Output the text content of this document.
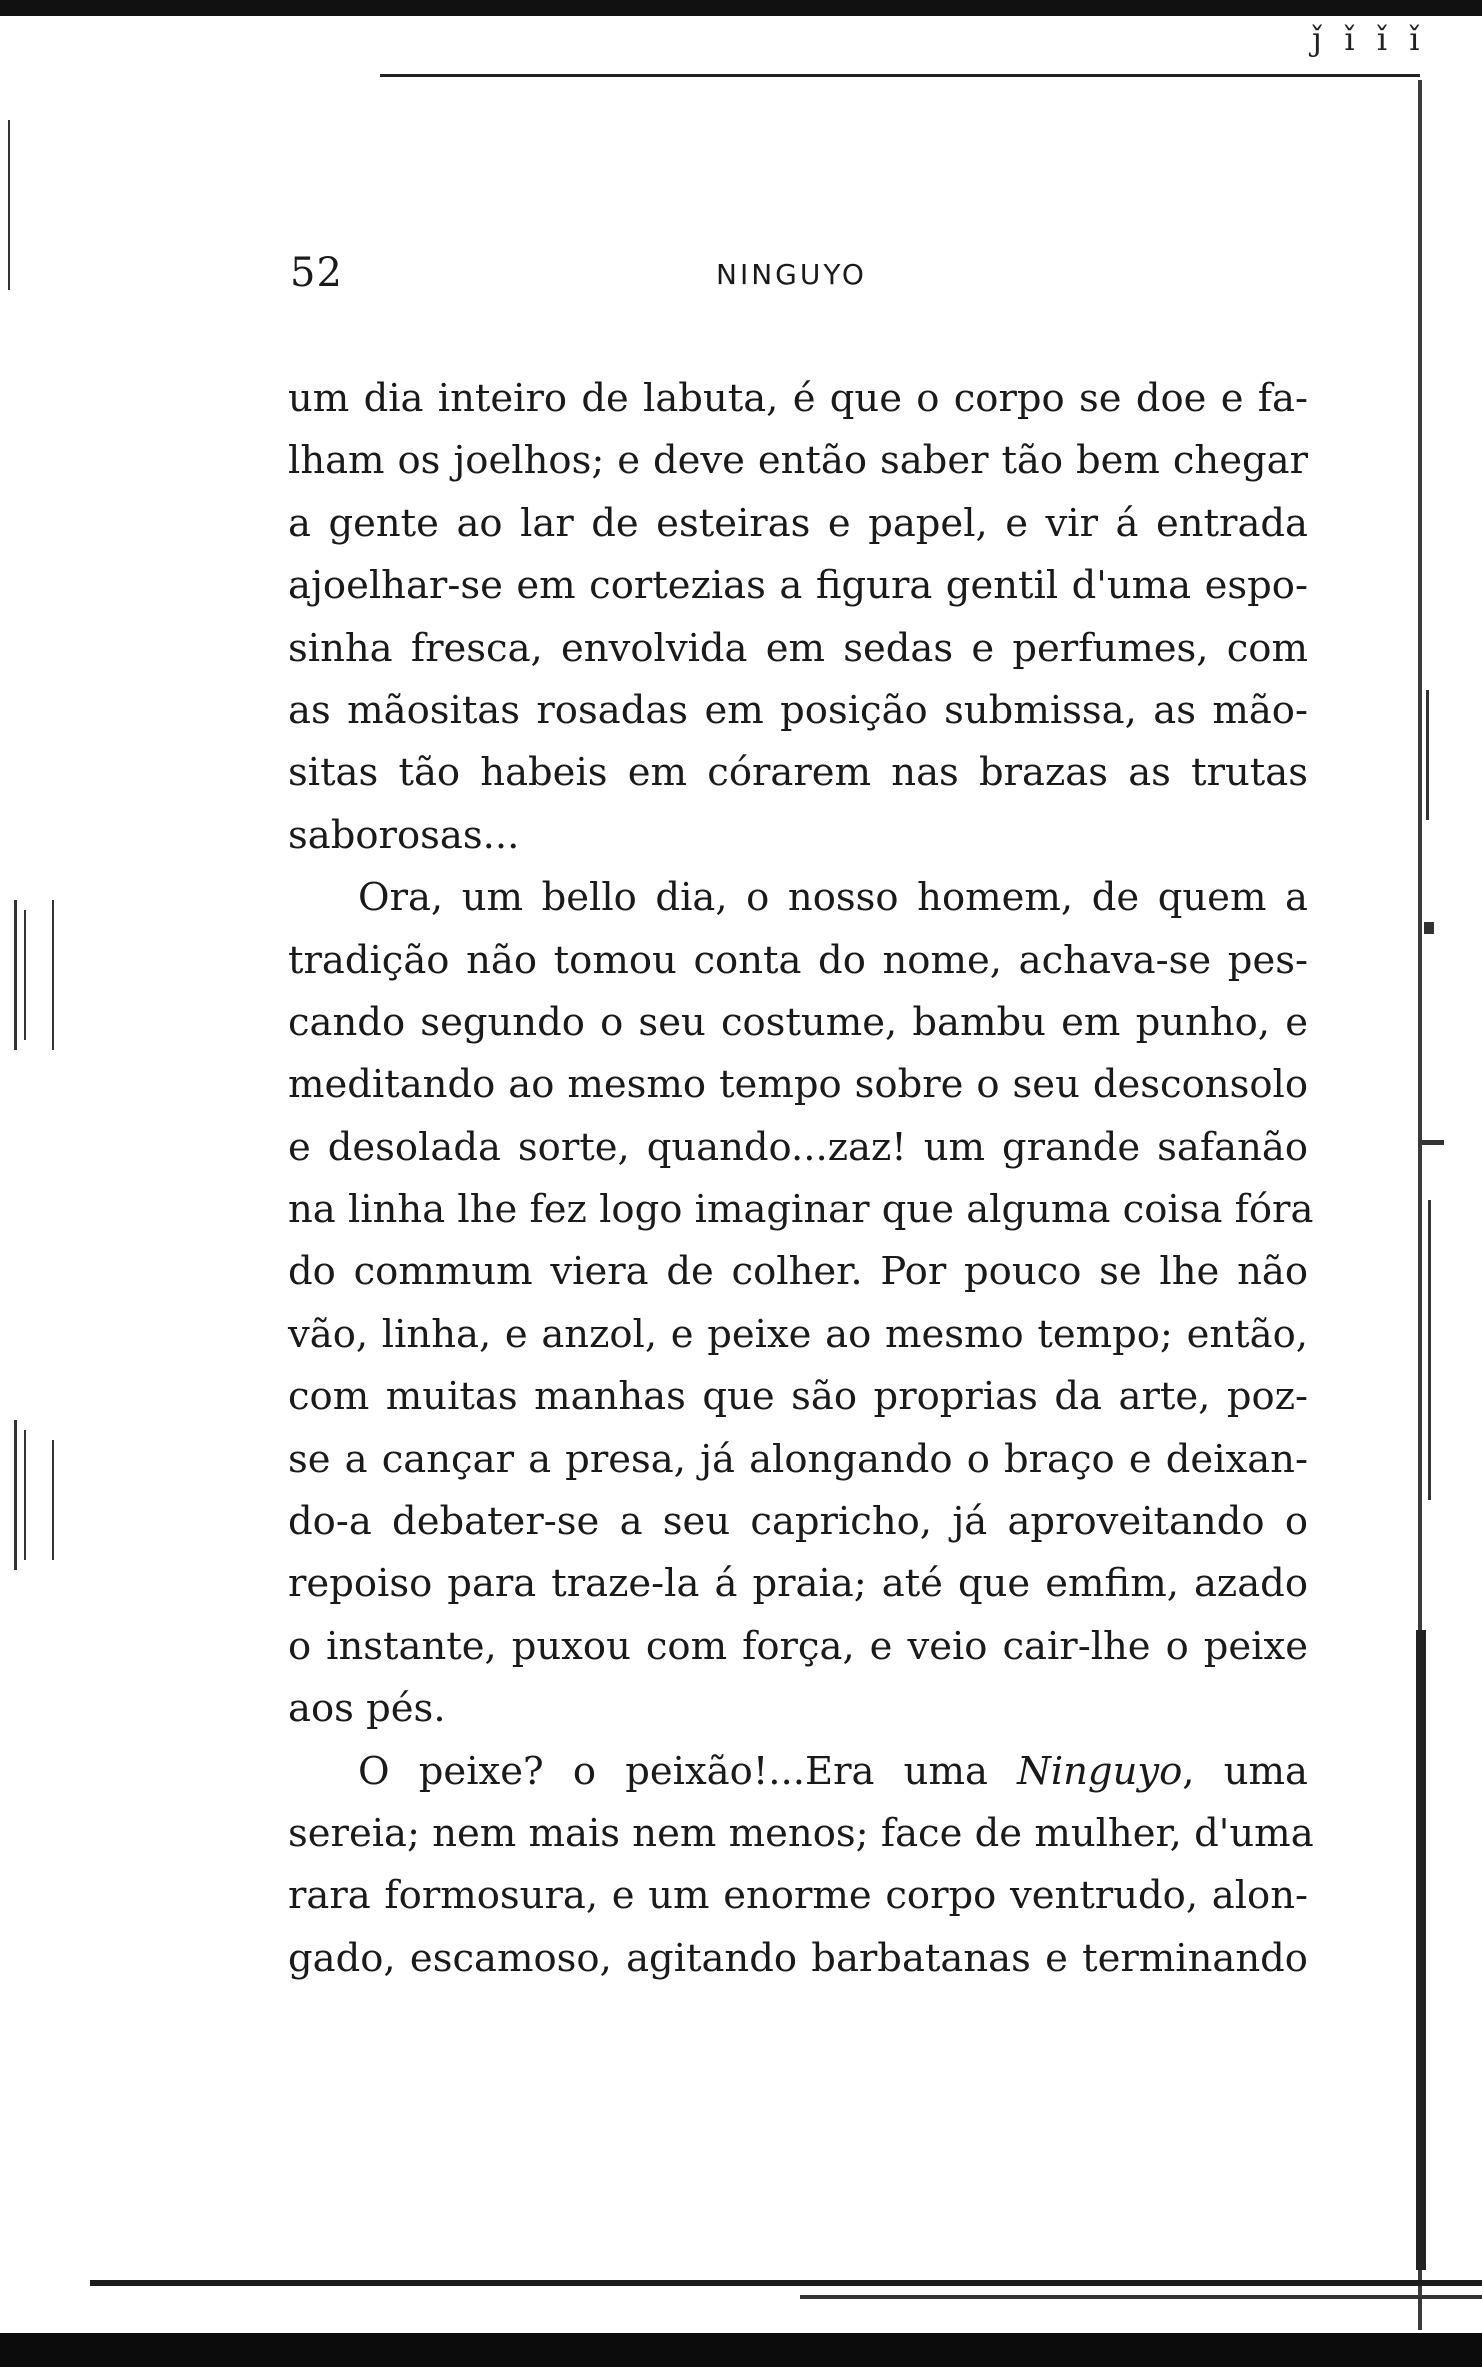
ǰ ǐ ǐ ǐ
52	NINGUYO
um dia inteiro de labuta, é que o corpo se doe e fa-
lham os joelhos; e deve então saber tão bem chegar
a gente ao lar de esteiras e papel, e vir á entrada
ajoelhar-se em cortezias a figura gentil d'uma espo-
sinha fresca, envolvida em sedas e perfumes, com
as mãositas rosadas em posição submissa, as mão-
sitas tão habeis em córarem nas brazas as trutas
saborosas...
Ora, um bello dia, o nosso homem, de quem a
tradição não tomou conta do nome, achava-se pes-
cando segundo o seu costume, bambu em punho, e
meditando ao mesmo tempo sobre o seu desconsolo
e desolada sorte, quando...zaz! um grande safanão
na linha lhe fez logo imaginar que alguma coisa fóra
do commum viera de colher. Por pouco se lhe não
vão, linha, e anzol, e peixe ao mesmo tempo; então,
com muitas manhas que são proprias da arte, poz-
se a cançar a presa, já alongando o braço e deixan-
do-a debater-se a seu capricho, já aproveitando o
repoiso para traze-la á praia; até que emfim, azado
o instante, puxou com força, e veio cair-lhe o peixe
aos pés.
O peixe? o peixão!...Era uma Ninguyo, uma
sereia; nem mais nem menos; face de mulher, d'uma
rara formosura, e um enorme corpo ventrudo, alon-
gado, escamoso, agitando barbatanas e terminando
